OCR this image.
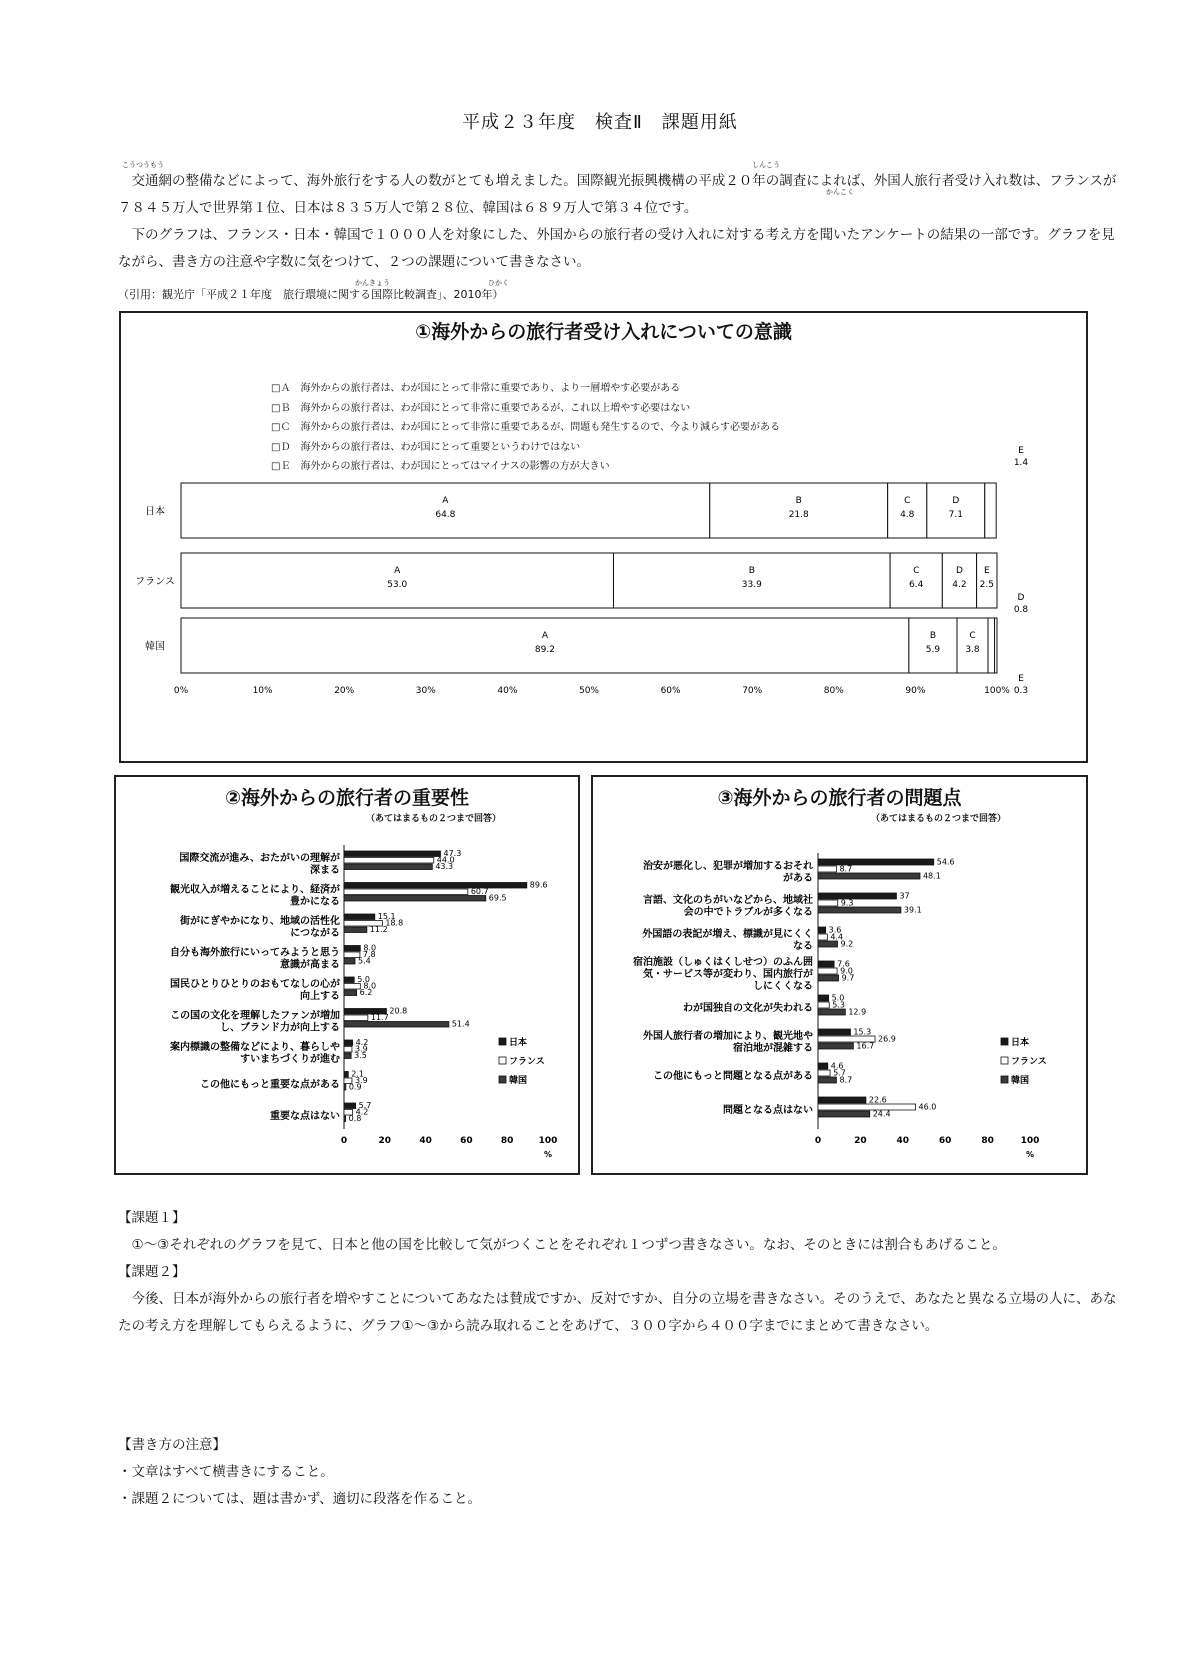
平成２３年度　検査Ⅱ　課題用紙

交通網の整備などによって、海外旅行をする人の数がとても増えました。国際観光振興機構の平成２０年の調査によれば、外国人旅行者受け入れ数は、フランスが７８４５万人で世界第１位、日本は８３５万人で第２８位、韓国は６８９万人で第３４位です。

下のグラフは、フランス・日本・韓国で１０００人を対象にした、外国からの旅行者の受け入れに対する考え方を聞いたアンケートの結果の一部です。グラフを見ながら、書き方の注意や字数に気をつけて、２つの課題について書きなさい。

こうつうもう	しんこう
かんこく
（引用：観光庁「平成２１年度　旅行環境に関する国際比較調査」、2010年）
かんきょう	ひかく
①海外からの旅行者受け入れについての意識
□Ａ　海外からの旅行者は、わが国にとって非常に重要であり、より一層増やす必要がある
□Ｂ　海外からの旅行者は、わが国にとって非常に重要であるが、これ以上増やす必要はない
□Ｃ　海外からの旅行者は、わが国にとって非常に重要であるが、問題も発生するので、今より減らす必要がある
□Ｄ　海外からの旅行者は、わが国にとって重要というわけではない
□Ｅ　海外からの旅行者は、わが国にとってはマイナスの影響の方が大きい
日本
A
64.8
B
21.8
C
4.8
D
7.1
E
1.4
フランス
A
53.0
B
33.9
C
6.4
D
4.2
E
2.5
韓国
A
89.2
B
5.9
C
3.8
D
0.8
E
0.3
0%	10%	20%	30%	40%	50%	60%	70%	80%	90%	100%
②海外からの旅行者の重要性
（あてはまるもの２つまで回答）
国際交流が進み、おたがいの理解が
深まる
47.3
44.0
43.3
観光収入が増えることにより、経済が
豊かになる
89.6
60.7
69.5
街がにぎやかになり、地域の活性化
につながる
15.1
18.8
11.2
自分も海外旅行にいってみようと思う
意識が高まる
8.0
7.8
5.4
国民ひとりひとりのおもてなしの心が
向上する
5.0
8.0
6.2
この国の文化を理解したファンが増加
し、ブランド力が向上する
20.8
11.7
51.4
案内標識の整備などにより、暮らしや
すいまちづくりが進む
4.2
3.9
3.5
この他にもっと重要な点がある
2.1
3.9
0.9
重要な点はない
5.7
4.2
0.8
0	20	40	60	80	100
%
日本
フランス
韓国
③海外からの旅行者の問題点
（あてはまるもの２つまで回答）
治安が悪化し、犯罪が増加するおそれ
がある
54.6
8.7
48.1
言語、文化のちがいなどから、地域社
会の中でトラブルが多くなる
37
9.3
39.1
外国語の表記が増え、標識が見にくく
なる
3.6
4.4
9.2
宿泊施設（しゅくはくしせつ）のふん囲
気・サービス等が変わり、国内旅行が
しにくくなる
7.6
9.0
9.7
わが国独自の文化が失われる
5.0
5.3
12.9
外国人旅行者の増加により、観光地や
宿泊地が混雑する
15.3
26.9
16.7
この他にもっと問題となる点がある
4.6
5.7
8.7
問題となる点はない
22.6
46.0
24.4
0	20	40	60	80	100
%
日本
フランス
韓国

【課題１】

①～③それぞれのグラフを見て、日本と他の国を比較して気がつくことをそれぞれ１つずつ書きなさい。なお、そのときには割合もあげること。

【課題２】

今後、日本が海外からの旅行者を増やすことについてあなたは賛成ですか、反対ですか、自分の立場を書きなさい。そのうえで、あなたと異なる立場の人に、あなたの考え方を理解してもらえるように、グラフ①～③から読み取れることをあげて、３００字から４００字までにまとめて書きなさい。

【書き方の注意】

・文章はすべて横書きにすること。

・課題２については、題は書かず、適切に段落を作ること。
